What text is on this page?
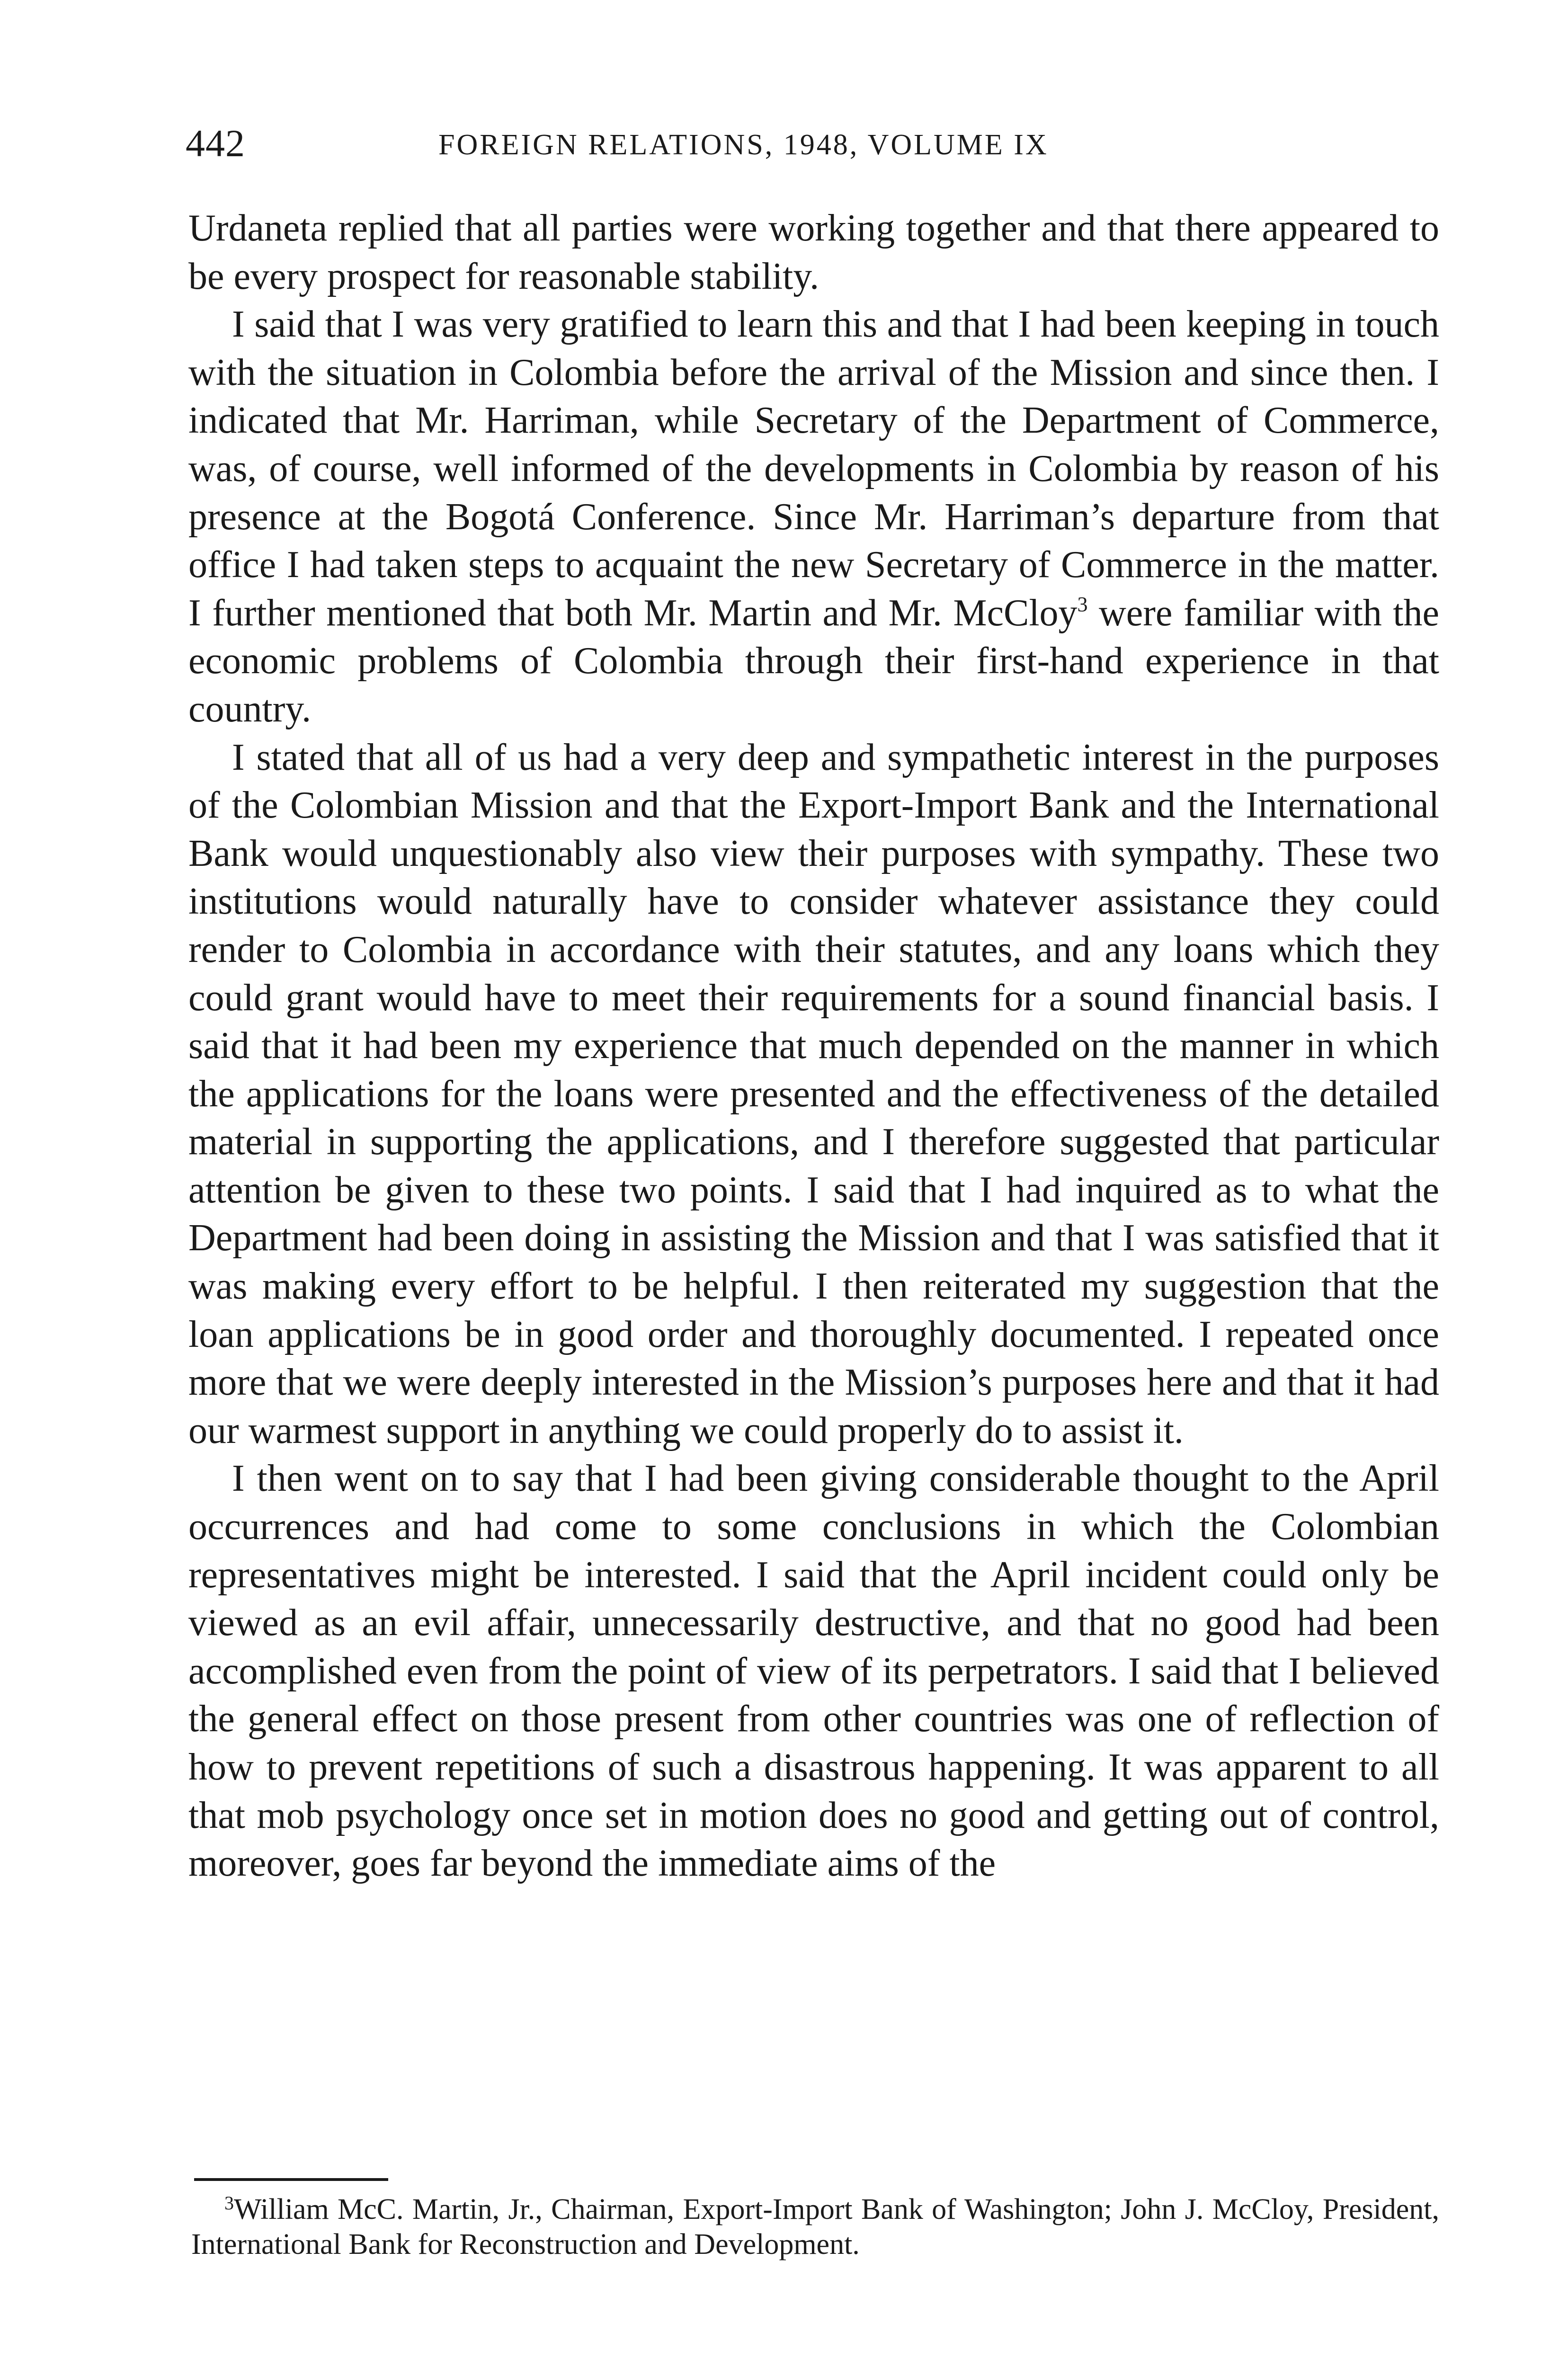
442	FOREIGN RELATIONS, 1948, VOLUME IX

Urdaneta replied that all parties were working together and that there appeared to be every prospect for reasonable stability.

I said that I was very gratified to learn this and that I had been keeping in touch with the situation in Colombia before the arrival of the Mission and since then. I indicated that Mr. Harriman, while Secretary of the Department of Commerce, was, of course, well informed of the developments in Colombia by reason of his presence at the Bogotá Conference. Since Mr. Harriman’s departure from that office I had taken steps to acquaint the new Secretary of Commerce in the matter. I further mentioned that both Mr. Martin and Mr. McCloy$^3$ were familiar with the economic problems of Colombia through their first-hand experience in that country.

I stated that all of us had a very deep and sympathetic interest in the purposes of the Colombian Mission and that the Export-Import Bank and the International Bank would unquestionably also view their purposes with sympathy. These two institutions would naturally have to consider whatever assistance they could render to Colombia in accordance with their statutes, and any loans which they could grant would have to meet their requirements for a sound financial basis. I said that it had been my experience that much depended on the manner in which the applications for the loans were presented and the effectiveness of the detailed material in supporting the applications, and I therefore suggested that particular attention be given to these two points. I said that I had inquired as to what the Department had been doing in assisting the Mission and that I was satisfied that it was making every effort to be helpful. I then reiterated my suggestion that the loan applications be in good order and thoroughly documented. I repeated once more that we were deeply interested in the Mission’s purposes here and that it had our warmest support in anything we could properly do to assist it.

I then went on to say that I had been giving considerable thought to the April occurrences and had come to some conclusions in which the Colombian representatives might be interested. I said that the April incident could only be viewed as an evil affair, unnecessarily destructive, and that no good had been accomplished even from the point of view of its perpetrators. I said that I believed the general effect on those present from other countries was one of reflection of how to prevent repetitions of such a disastrous happening. It was apparent to all that mob psychology once set in motion does no good and getting out of control, moreover, goes far beyond the immediate aims of the

$^3$William McC. Martin, Jr., Chairman, Export-Import Bank of Washington; John J. McCloy, President, International Bank for Reconstruction and Development.
